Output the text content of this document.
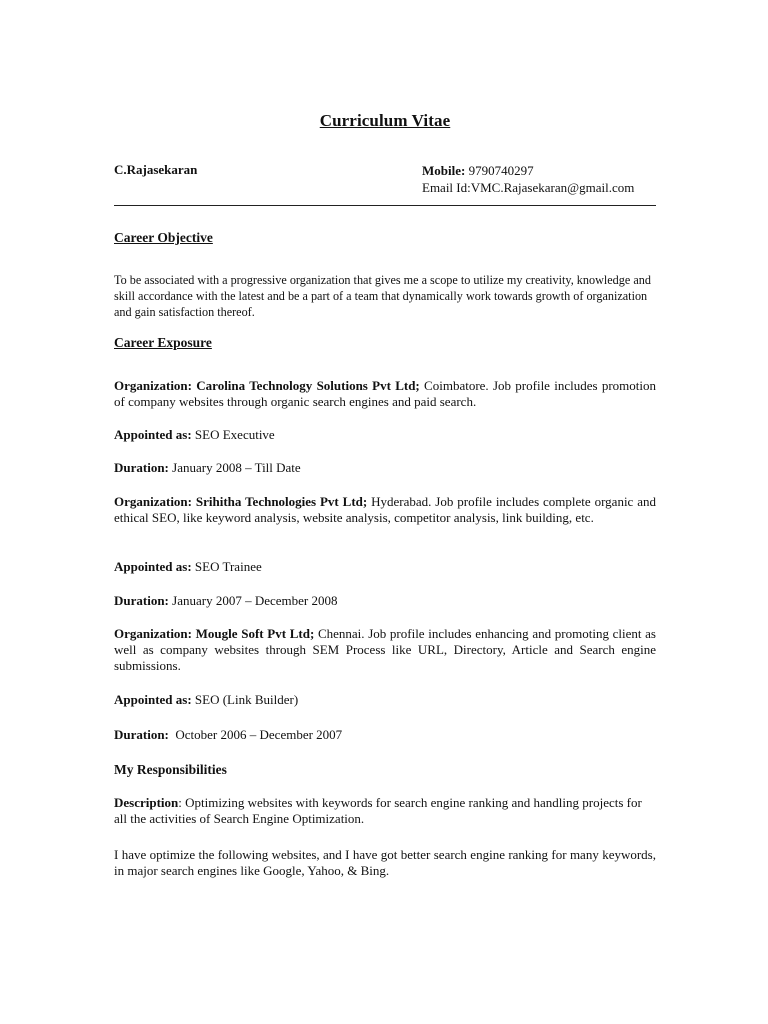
Curriculum Vitae
C.Rajasekaran	Mobile: 9790740297
Email Id:VMC.Rajasekaran@gmail.com
Career Objective
To be associated with a progressive organization that gives me a scope to utilize my creativity, knowledge and skill accordance with the latest and be a part of a team that dynamically work towards growth of organization and gain satisfaction thereof.
Career Exposure
Organization: Carolina Technology Solutions Pvt Ltd; Coimbatore. Job profile includes promotion of company websites through organic search engines and paid search.
Appointed as: SEO Executive
Duration: January 2008 – Till Date
Organization: Srihitha Technologies Pvt Ltd; Hyderabad. Job profile includes complete organic and ethical SEO, like keyword analysis, website analysis, competitor analysis, link building, etc.
Appointed as: SEO Trainee
Duration: January 2007 – December 2008
Organization: Mougle Soft Pvt Ltd; Chennai. Job profile includes enhancing and promoting client as well as company websites through SEM Process like URL, Directory, Article and Search engine submissions.
Appointed as: SEO (Link Builder)
Duration:  October 2006 – December 2007
My Responsibilities
Description: Optimizing websites with keywords for search engine ranking and handling projects for all the activities of Search Engine Optimization.
I have optimize the following websites, and I have got better search engine ranking for many keywords, in major search engines like Google, Yahoo, & Bing.
